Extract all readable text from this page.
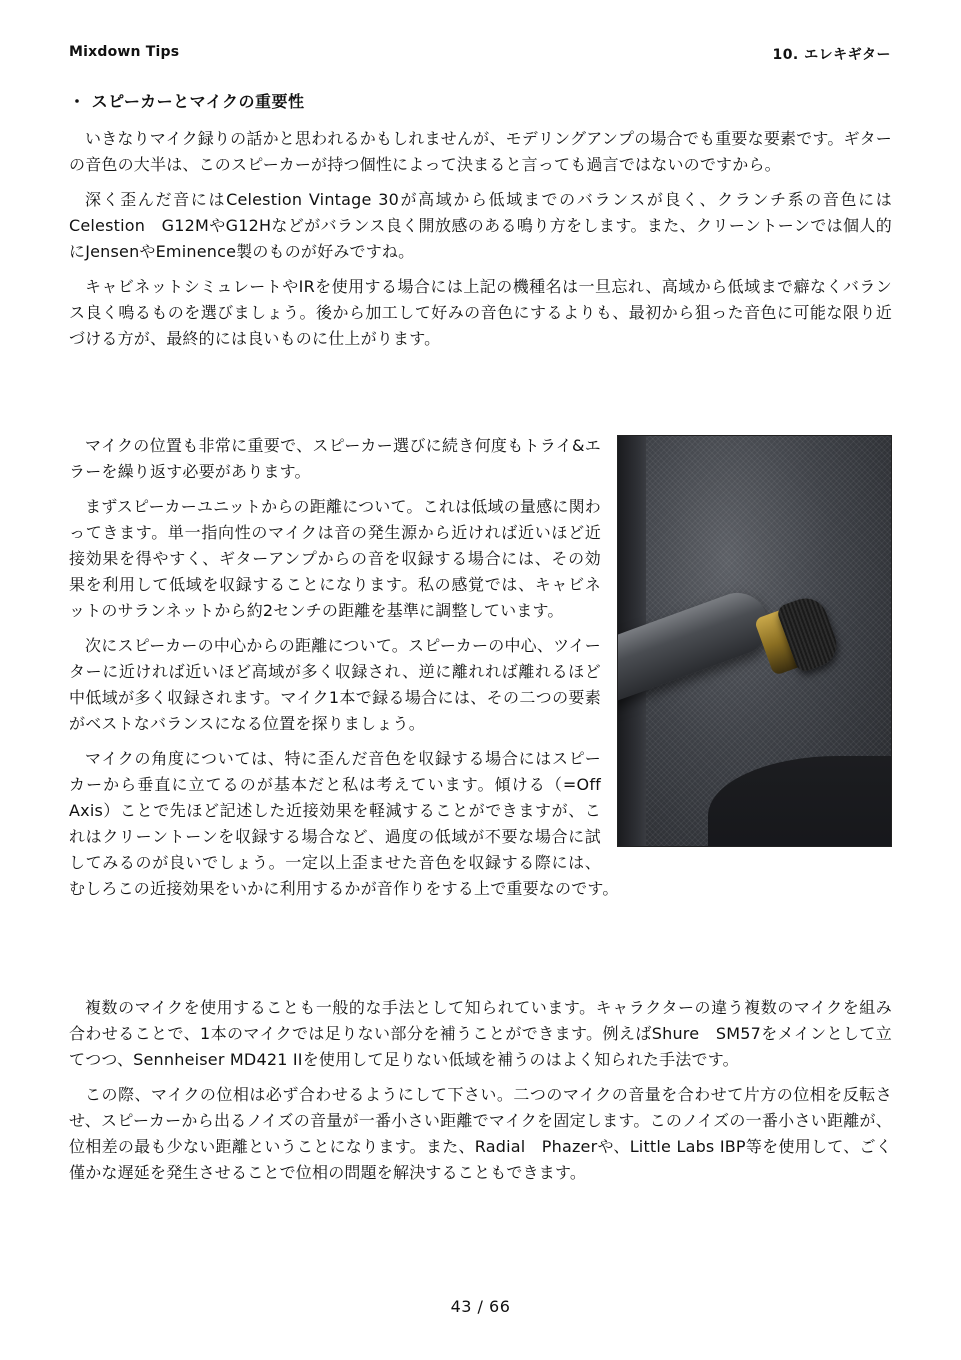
Mixdown Tips	10. エレキギター
・ スピーカーとマイクの重要性

いきなりマイク録りの話かと思われるかもしれませんが、モデリングアンプの場合でも重要な要素です。ギターの音色の大半は、このスピーカーが持つ個性によって決まると言っても過言ではないのですから。

深く歪んだ音にはCelestion Vintage 30が高域から低域までのバランスが良く、クランチ系の音色にはCelestion　G12MやG12Hなどがバランス良く開放感のある鳴り方をします。また、クリーントーンでは個人的にJensenやEminence製のものが好みですね。

キャビネットシミュレートやIRを使用する場合には上記の機種名は一旦忘れ、高域から低域まで癖なくバランス良く鳴るものを選びましょう。後から加工して好みの音色にするよりも、最初から狙った音色に可能な限り近づける方が、最終的には良いものに仕上がります。

マイクの位置も非常に重要で、スピーカー選びに続き何度もトライ&エラーを繰り返す必要があります。

まずスピーカーユニットからの距離について。これは低域の量感に関わってきます。単一指向性のマイクは音の発生源から近ければ近いほど近接効果を得やすく、ギターアンプからの音を収録する場合には、その効果を利用して低域を収録することになります。私の感覚では、キャビネットのサランネットから約2センチの距離を基準に調整しています。

次にスピーカーの中心からの距離について。スピーカーの中心、ツイーターに近ければ近いほど高域が多く収録され、逆に離れれば離れるほど中低域が多く収録されます。マイク1本で録る場合には、その二つの要素がベストなバランスになる位置を探りましょう。

マイクの角度については、特に歪んだ音色を収録する場合にはスピーカーから垂直に立てるのが基本だと私は考えています。傾ける（=Off　Axis）ことで先ほど記述した近接効果を軽減することができますが、これはクリーントーンを収録する場合など、過度の低域が不要な場合に試してみるのが良いでしょう。一定以上歪ませた音色を収録する際には、むしろこの近接効果をいかに利用するかが音作りをする上で重要なのです。

複数のマイクを使用することも一般的な手法として知られています。キャラクターの違う複数のマイクを組み合わせることで、1本のマイクでは足りない部分を補うことができます。例えばShure　SM57をメインとして立てつつ、Sennheiser MD421 IIを使用して足りない低域を補うのはよく知られた手法です。

この際、マイクの位相は必ず合わせるようにして下さい。二つのマイクの音量を合わせて片方の位相を反転させ、スピーカーから出るノイズの音量が一番小さい距離でマイクを固定します。このノイズの一番小さい距離が、位相差の最も少ない距離ということになります。また、Radial　Phazerや、Little Labs IBP等を使用して、ごく僅かな遅延を発生させることで位相の問題を解決することもできます。

43 / 66
